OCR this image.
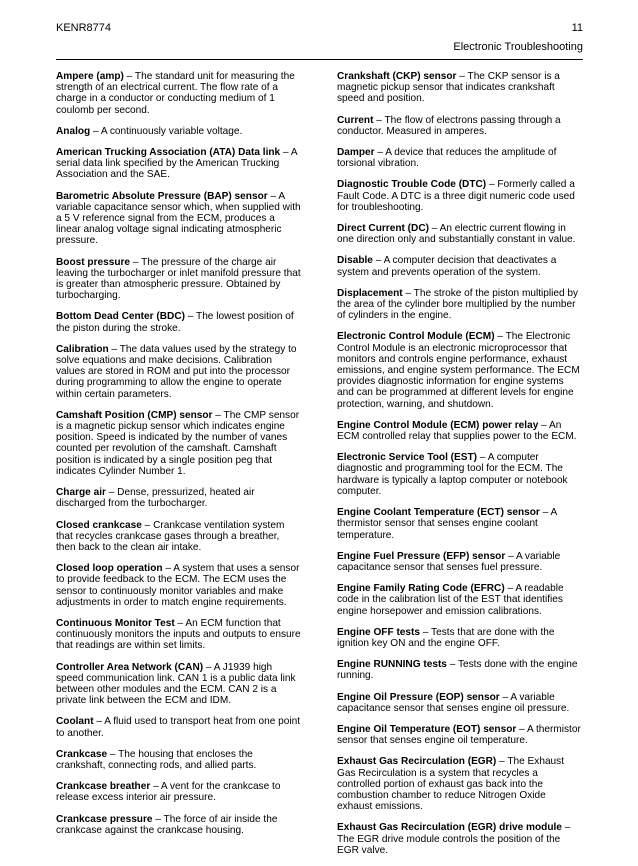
KENR8774	11
Electronic Troubleshooting

Ampere (amp) – The standard unit for measuring the strength of an electrical current. The flow rate of a charge in a conductor or conducting medium of 1 coulomb per second.

Analog – A continuously variable voltage.

American Trucking Association (ATA) Data link – A serial data link specified by the American Trucking Association and the SAE.

Barometric Absolute Pressure (BAP) sensor – A variable capacitance sensor which, when supplied with a 5 V reference signal from the ECM, produces a linear analog voltage signal indicating atmospheric pressure.

Boost pressure – The pressure of the charge air leaving the turbocharger or inlet manifold pressure that is greater than atmospheric pressure. Obtained by turbocharging.

Bottom Dead Center (BDC) – The lowest position of the piston during the stroke.

Calibration – The data values used by the strategy to solve equations and make decisions. Calibration values are stored in ROM and put into the processor during programming to allow the engine to operate within certain parameters.

Camshaft Position (CMP) sensor – The CMP sensor is a magnetic pickup sensor which indicates engine position. Speed is indicated by the number of vanes counted per revolution of the camshaft. Camshaft position is indicated by a single position peg that indicates Cylinder Number 1.

Charge air – Dense, pressurized, heated air discharged from the turbocharger.

Closed crankcase – Crankcase ventilation system that recycles crankcase gases through a breather, then back to the clean air intake.

Closed loop operation – A system that uses a sensor to provide feedback to the ECM. The ECM uses the sensor to continuously monitor variables and make adjustments in order to match engine requirements.

Continuous Monitor Test – An ECM function that continuously monitors the inputs and outputs to ensure that readings are within set limits.

Controller Area Network (CAN) – A J1939 high speed communication link. CAN 1 is a public data link between other modules and the ECM. CAN 2 is a private link between the ECM and IDM.

Coolant – A fluid used to transport heat from one point to another.

Crankcase – The housing that encloses the crankshaft, connecting rods, and allied parts.

Crankcase breather – A vent for the crankcase to release excess interior air pressure.

Crankcase pressure – The force of air inside the crankcase against the crankcase housing.

Crankshaft (CKP) sensor – The CKP sensor is a magnetic pickup sensor that indicates crankshaft speed and position.

Current – The flow of electrons passing through a conductor. Measured in amperes.

Damper – A device that reduces the amplitude of torsional vibration.

Diagnostic Trouble Code (DTC) – Formerly called a Fault Code. A DTC is a three digit numeric code used for troubleshooting.

Direct Current (DC) – An electric current flowing in one direction only and substantially constant in value.

Disable – A computer decision that deactivates a system and prevents operation of the system.

Displacement – The stroke of the piston multiplied by the area of the cylinder bore multiplied by the number of cylinders in the engine.

Electronic Control Module (ECM) – The Electronic Control Module is an electronic microprocessor that monitors and controls engine performance, exhaust emissions, and engine system performance. The ECM provides diagnostic information for engine systems and can be programmed at different levels for engine protection, warning, and shutdown.

Engine Control Module (ECM) power relay – An ECM controlled relay that supplies power to the ECM.

Electronic Service Tool (EST) – A computer diagnostic and programming tool for the ECM. The hardware is typically a laptop computer or notebook computer.

Engine Coolant Temperature (ECT) sensor – A thermistor sensor that senses engine coolant temperature.

Engine Fuel Pressure (EFP) sensor – A variable capacitance sensor that senses fuel pressure.

Engine Family Rating Code (EFRC) – A readable code in the calibration list of the EST that identifies engine horsepower and emission calibrations.

Engine OFF tests – Tests that are done with the ignition key ON and the engine OFF.

Engine RUNNING tests – Tests done with the engine running.

Engine Oil Pressure (EOP) sensor – A variable capacitance sensor that senses engine oil pressure.

Engine Oil Temperature (EOT) sensor – A thermistor sensor that senses engine oil temperature.

Exhaust Gas Recirculation (EGR) – The Exhaust Gas Recirculation is a system that recycles a controlled portion of exhaust gas back into the combustion chamber to reduce Nitrogen Oxide exhaust emissions.

Exhaust Gas Recirculation (EGR) drive module – The EGR drive module controls the position of the EGR valve.
